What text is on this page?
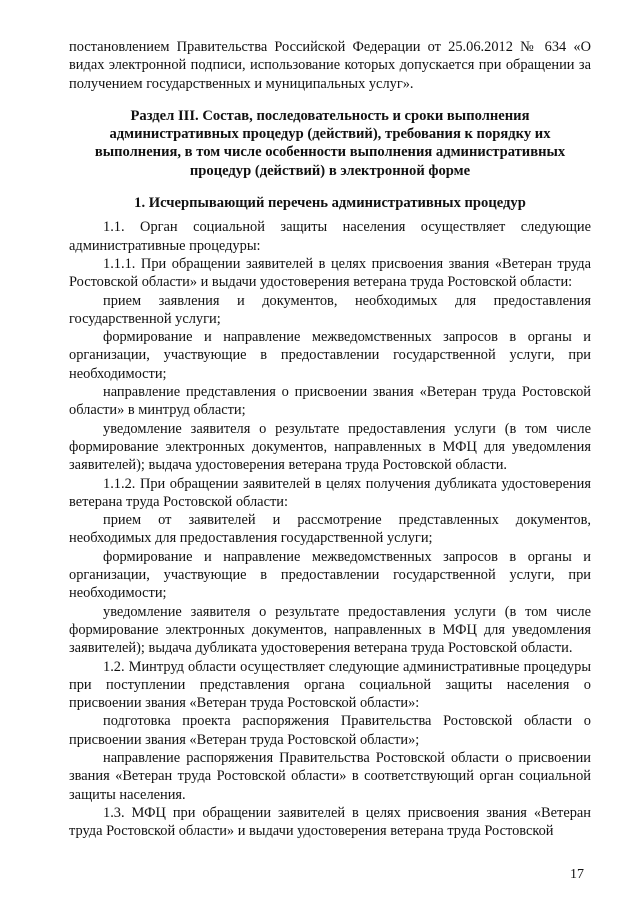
постановлением Правительства Российской Федерации от 25.06.2012 № 634 «О видах электронной подписи, использование которых допускается при обращении за получением государственных и муниципальных услуг».

Раздел III. Состав, последовательность и сроки выполнения административных процедур (действий), требования к порядку их выполнения, в том числе особенности выполнения административных процедур (действий) в электронной форме
1. Исчерпывающий перечень административных процедур

1.1. Орган социальной защиты населения осуществляет следующие административные процедуры:

1.1.1. При обращении заявителей в целях присвоения звания «Ветеран труда Ростовской области» и выдачи удостоверения ветерана труда Ростовской области:

прием заявления и документов, необходимых для предоставления государственной услуги;

формирование и направление межведомственных запросов в органы и организации, участвующие в предоставлении государственной услуги, при необходимости;

направление представления о присвоении звания «Ветеран труда Ростовской области» в минтруд области;

уведомление заявителя о результате предоставления услуги (в том числе формирование электронных документов, направленных в МФЦ для уведомления заявителей); выдача удостоверения ветерана труда Ростовской области.

1.1.2. При обращении заявителей в целях получения дубликата удостоверения ветерана труда Ростовской области:

прием от заявителей и рассмотрение представленных документов, необходимых для предоставления государственной услуги;

формирование и направление межведомственных запросов в органы и организации, участвующие в предоставлении государственной услуги, при необходимости;

уведомление заявителя о результате предоставления услуги (в том числе формирование электронных документов, направленных в МФЦ для уведомления заявителей); выдача дубликата удостоверения ветерана труда Ростовской области.

1.2. Минтруд области осуществляет следующие административные процедуры при поступлении представления органа социальной защиты населения о присвоении звания «Ветеран труда Ростовской области»:

подготовка проекта распоряжения Правительства Ростовской области о присвоении звания «Ветеран труда Ростовской области»;

направление распоряжения Правительства Ростовской области о присвоении звания «Ветеран труда Ростовской области» в соответствующий орган социальной защиты населения.

1.3. МФЦ при обращении заявителей в целях присвоения звания «Ветеран труда Ростовской области» и выдачи удостоверения ветерана труда Ростовской

17
